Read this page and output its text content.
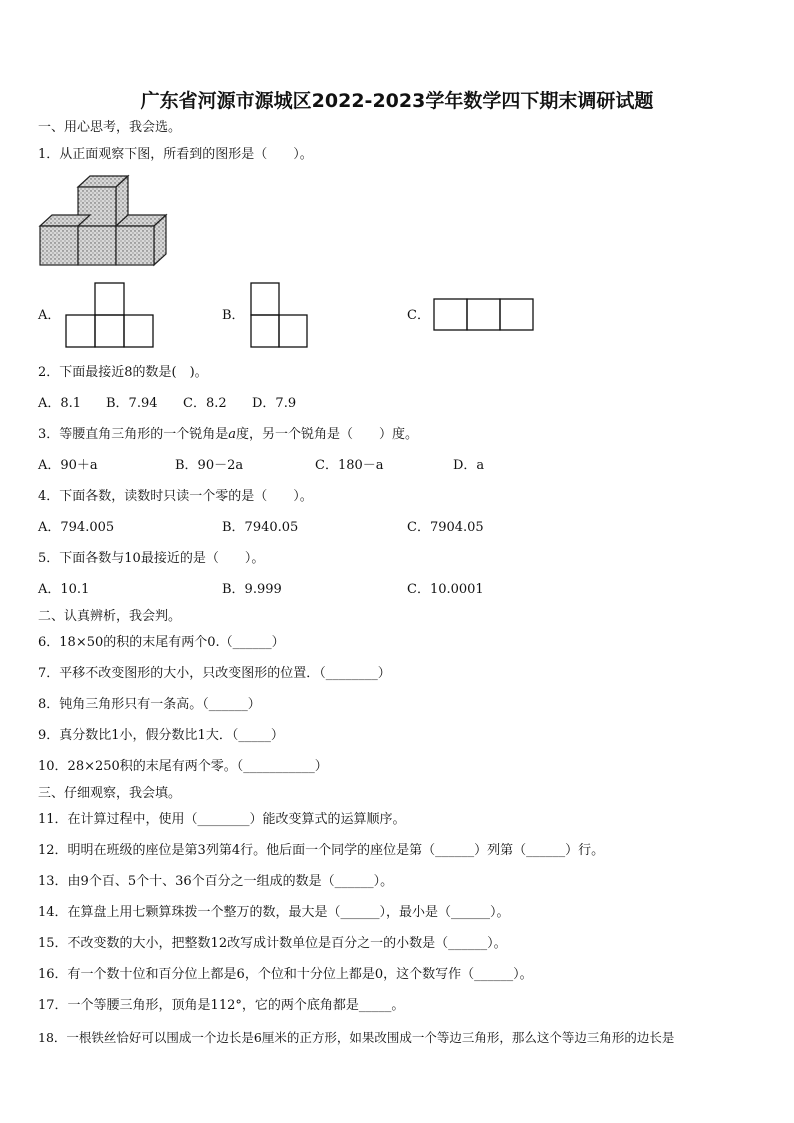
广东省河源市源城区2022-2023学年数学四下期末调研试题
一、用心思考，我会选。
1．从正面观察下图，所看到的图形是（　　）。
A．	B．	C．
2．下面最接近8的数是(　)。
A．8.1 B．7.94 C．8.2 D．7.9
3．等腰直角三角形的一个锐角是a度，另一个锐角是（　　）度。
A．90＋a	B．90－2a	C．180－a	D．a
4．下面各数，读数时只读一个零的是（　　）。
A．794.005	B．7940.05	C．7904.05
5．下面各数与10最接近的是（　　）。
A．10.1	B．9.999	C．10.0001
二、认真辨析，我会判。
6．18×50的积的末尾有两个0.（______）
7．平移不改变图形的大小，只改变图形的位置．（________）
8．钝角三角形只有一条高。（______）
9．真分数比1小，假分数比1大．（_____）
10．28×250积的末尾有两个零。（___________）
三、仔细观察，我会填。
11．在计算过程中，使用（________）能改变算式的运算顺序。
12．明明在班级的座位是第3列第4行。他后面一个同学的座位是第（______）列第（______）行。
13．由9个百、5个十、36个百分之一组成的数是（______）。
14．在算盘上用七颗算珠拨一个整万的数，最大是（______），最小是（______）。
15．不改变数的大小，把整数12改写成计数单位是百分之一的小数是（______）。
16．有一个数十位和百分位上都是6，个位和十分位上都是0，这个数写作（______）。
17．一个等腰三角形，顶角是112°，它的两个底角都是_____。
18．一根铁丝恰好可以围成一个边长是6厘米的正方形，如果改围成一个等边三角形，那么这个等边三角形的边长是
